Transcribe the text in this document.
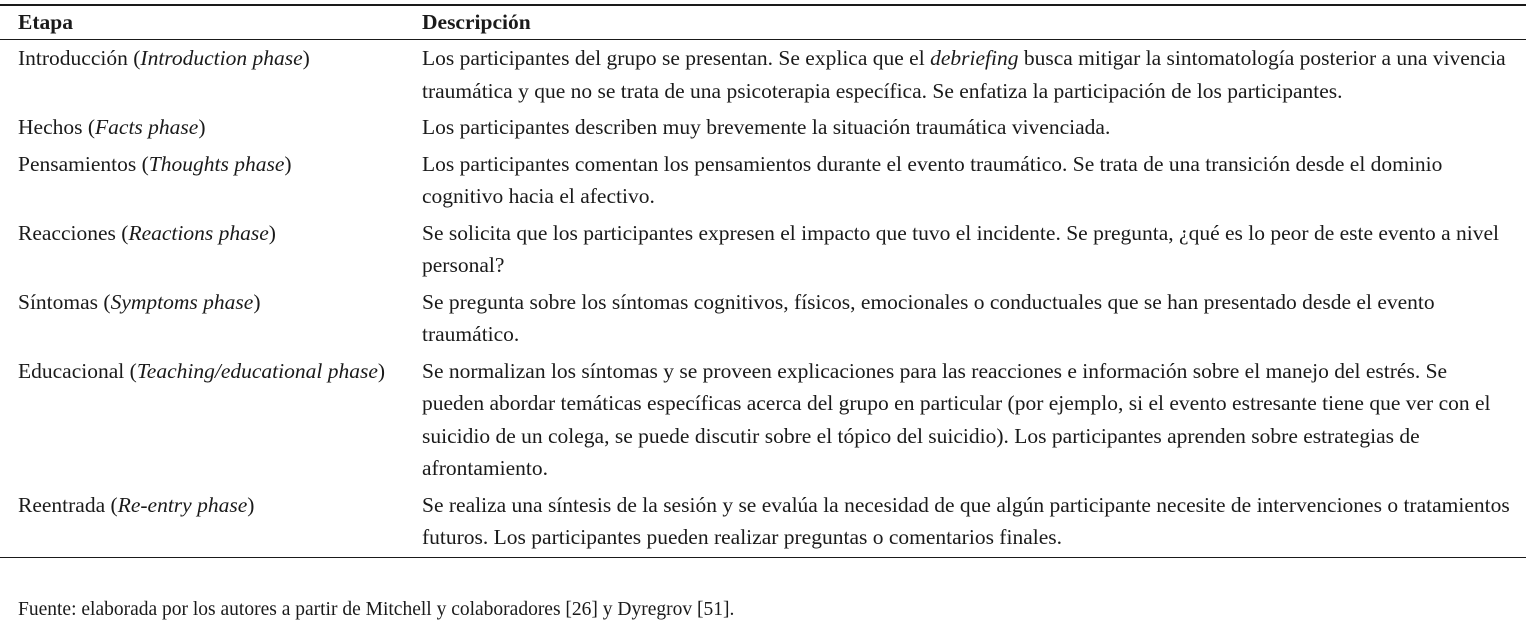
Etapa	Descripción
Introducción (Introduction phase)	Los participantes del grupo se presentan. Se explica que el debriefing busca mitigar la sintomatología posterior a una vivencia traumática y que no se trata de una psicoterapia específica. Se enfatiza la participación de los participantes.
Hechos (Facts phase)	Los participantes describen muy brevemente la situación traumática vivenciada.
Pensamientos (Thoughts phase)	Los participantes comentan los pensamientos durante el evento traumático. Se trata de una transición desde el dominio cognitivo hacia el afectivo.
Reacciones (Reactions phase)	Se solicita que los participantes expresen el impacto que tuvo el incidente. Se pregunta, ¿qué es lo peor de este evento a nivel personal?
Síntomas (Symptoms phase)	Se pregunta sobre los síntomas cognitivos, físicos, emocionales o conductuales que se han presentado desde el evento traumático.
Educacional (Teaching/educational phase)	Se normalizan los síntomas y se proveen explicaciones para las reacciones e información sobre el manejo del estrés. Se pueden abordar temáticas específicas acerca del grupo en particular (por ejemplo, si el evento estresante tiene que ver con el suicidio de un colega, se puede discutir sobre el tópico del suicidio). Los participantes aprenden sobre estrategias de afrontamiento.
Reentrada (Re-entry phase)	Se realiza una síntesis de la sesión y se evalúa la necesidad de que algún participante necesite de intervenciones o tratamientos futuros. Los participantes pueden realizar preguntas o comentarios finales.
Fuente: elaborada por los autores a partir de Mitchell y colaboradores [26] y Dyregrov [51].
